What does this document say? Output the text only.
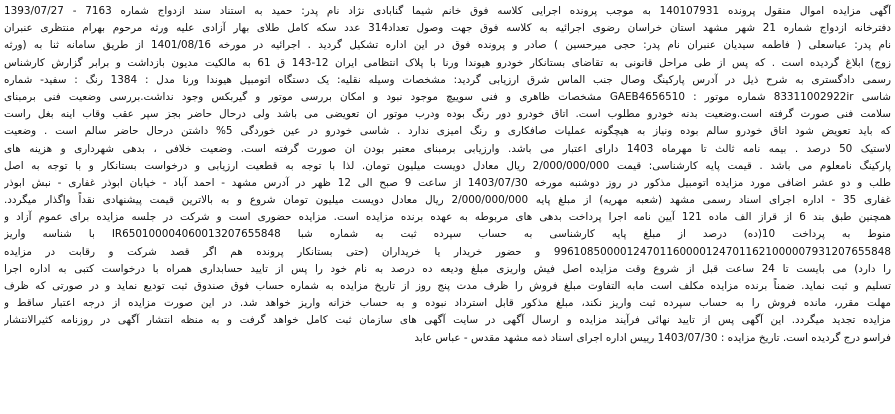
آگهی مزایده اموال منقول پرونده 140107931 به موجب پرونده اجرایی کلاسه فوق خانم شیما گنابادی نژاد نام پدر: حمید به استناد سند ازدواج شماره 7163 - 1393/07/27
دفترخانه ازدواج شماره 21 شهر مشهد استان خراسان رضوی اجرائیه به کلاسه فوق جهت وصول تعداد314 عدد سکه کامل طلای بهار آزادی علیه ورثه مرحوم بهرام منتظری عنبران
نام پدر: عباسعلی ( فاطمه سیدیان عنبران نام پدر: حجی میرحسین ) صادر و پرونده فوق در این اداره تشکیل گردید . اجرائیه در مورخه 1401/08/16 از طریق سامانه ثنا به (ورثه
زوج) ابلاغ گردیده است . که پس از طی مراحل قانونی به تقاضای بستانکار خودرو هیوندا ورنا با پلاک انتظامی ایران 12-143 ق 61 به مالکیت مدیون بازداشت و برابر گزارش کارشناس
رسمی دادگستری به شرح ذیل در آدرس پارکینگ وصال جنب الماس شرق ارزیابی گردید: مشخصات وسیله نقلیه: یک دستگاه اتومبیل هیوندا ورنا مدل : 1384 رنگ : سفید- شماره
شاسی 83311002922ir شماره موتور : GAEB4656510 مشخصات ظاهری و فنی سوییچ موجود نبود و امکان بررسی موتور و گیربکس وجود نداشت.بررسی وضعیت فنی برمبنای
سلامت فنی صورت گرفته است.وضعیت بدنه خودرو مطلوب است. اتاق خودرو دور رنگ بوده ودرب موتور ان تعویضی می باشد ولی درحال حاضر بجز سپر عقب وقاب اینه بغل راست
که باید تعویض شود اتاق خودرو سالم بوده ونیاز به هیچگونه عملیات صافکاری و رنگ امیزی ندارد . شاسی خودرو در عین خوردگی 5% داشتن درحال حاضر سالم است . وضعیت
لاستیک 50 درصد . بیمه نامه ثالث تا مهرماه 1403 دارای اعتبار می باشد. وارزیابی برمبنای معتبر بودن ان صورت گرفته است. وضعیت خلافی ، بدهی شهرداری و هزینه های
پارکینگ نامعلوم می باشد . قیمت پایه کارشناسی: قیمت 2/000/000/000 ریال معادل دویست میلیون تومان. لذا با توجه به قطعیت ارزیابی و درخواست بستانکار و با توجه به اصل
طلب و دو عشر اضافی مورد مزایده اتومبیل مذکور در روز دوشنبه مورخه 1403/07/30 از ساعت 9 صبح الی 12 ظهر در آدرس مشهد - احمد آباد - خیابان ابوذر غفاری - نبش ابوذر
غفاری 35 - اداره اجرای اسناد رسمی مشهد (شعبه مهریه) از مبلغ پایه 2/000/000/000 ریال معادل دویست میلیون تومان شروع و به بالاترین قیمت پیشنهادی نقداً واگذار میگردد.
همچنین طبق بند 6 از قراز الف ماده 121 آیین نامه اجرا پرداخت بدهی های مربوطه به عهده برنده مزایده است. مزایده حضوری است و شرکت در جلسه مزایده برای عموم آزاد و
منوط به پرداخت 10(ده) درصد از مبلغ پایه کارشناسی به حساب سپرده ثبت به شماره شبا IR650100004060013207655848 با شناسه واریز
996108500001247011600001247011621000007931207655848 و حضور خریدار یا خریداران (حتی بستانکار پرونده هم اگر قصد شرکت و رقابت در مزایده
را دارد) می بایست تا 24 ساعت قبل از شروع وقت مزایده اصل فیش واریزی مبلغ ودیعه ده درصد به نام خود را پس از تایید حسابداری همراه با درخواست کتبی به اداره اجرا
تسلیم و ثبت نماید. ضمناً برنده مزایده مکلف است مابه التفاوت مبلغ فروش را ظرف مدت پنج روز از تاریخ مزایده به شماره حساب فوق صندوق ثبت تودیع نماید و در صورتی که ظرف
مهلت مقرر، مانده فروش را به حساب سپرده ثبت واریز نکند، مبلغ مذکور قابل استرداد نبوده و به حساب خزانه واریز خواهد شد. در این صورت مزایده از درجه اعتبار ساقط و
مزایده تجدید میگردد. این آگهی پس از تایید نهائی فرآیند مزایده و ارسال آگهی در سایت آگهی های سازمان ثبت کامل خواهد گرفت و به منظه انتشار آگهی در روزنامه کثیرالانتشار
فراسو درج گردیده است. تاریخ مزایده : 1403/07/30 رییس اداره اجرای اسناد ذمه مشهد مقدس - عباس عابد
